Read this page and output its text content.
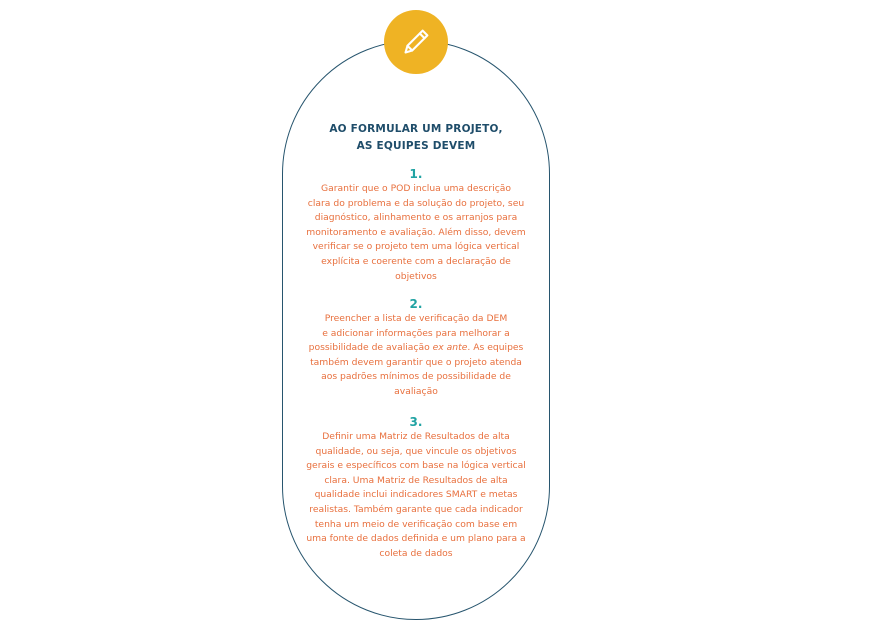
AO FORMULAR UM PROJETO,
AS EQUIPES DEVEM
1.
Garantir que o POD inclua uma descrição
clara do problema e da solução do projeto, seu
diagnóstico, alinhamento e os arranjos para
monitoramento e avaliação. Além disso, devem
verificar se o projeto tem uma lógica vertical
explícita e coerente com a declaração de
objetivos
2.
Preencher a lista de verificação da DEM
e adicionar informações para melhorar a
possibilidade de avaliação ex ante. As equipes
também devem garantir que o projeto atenda
aos padrões mínimos de possibilidade de
avaliação
3.
Definir uma Matriz de Resultados de alta
qualidade, ou seja, que vincule os objetivos
gerais e específicos com base na lógica vertical
clara. Uma Matriz de Resultados de alta
qualidade inclui indicadores SMART e metas
realistas. Também garante que cada indicador
tenha um meio de verificação com base em
uma fonte de dados definida e um plano para a
coleta de dados
